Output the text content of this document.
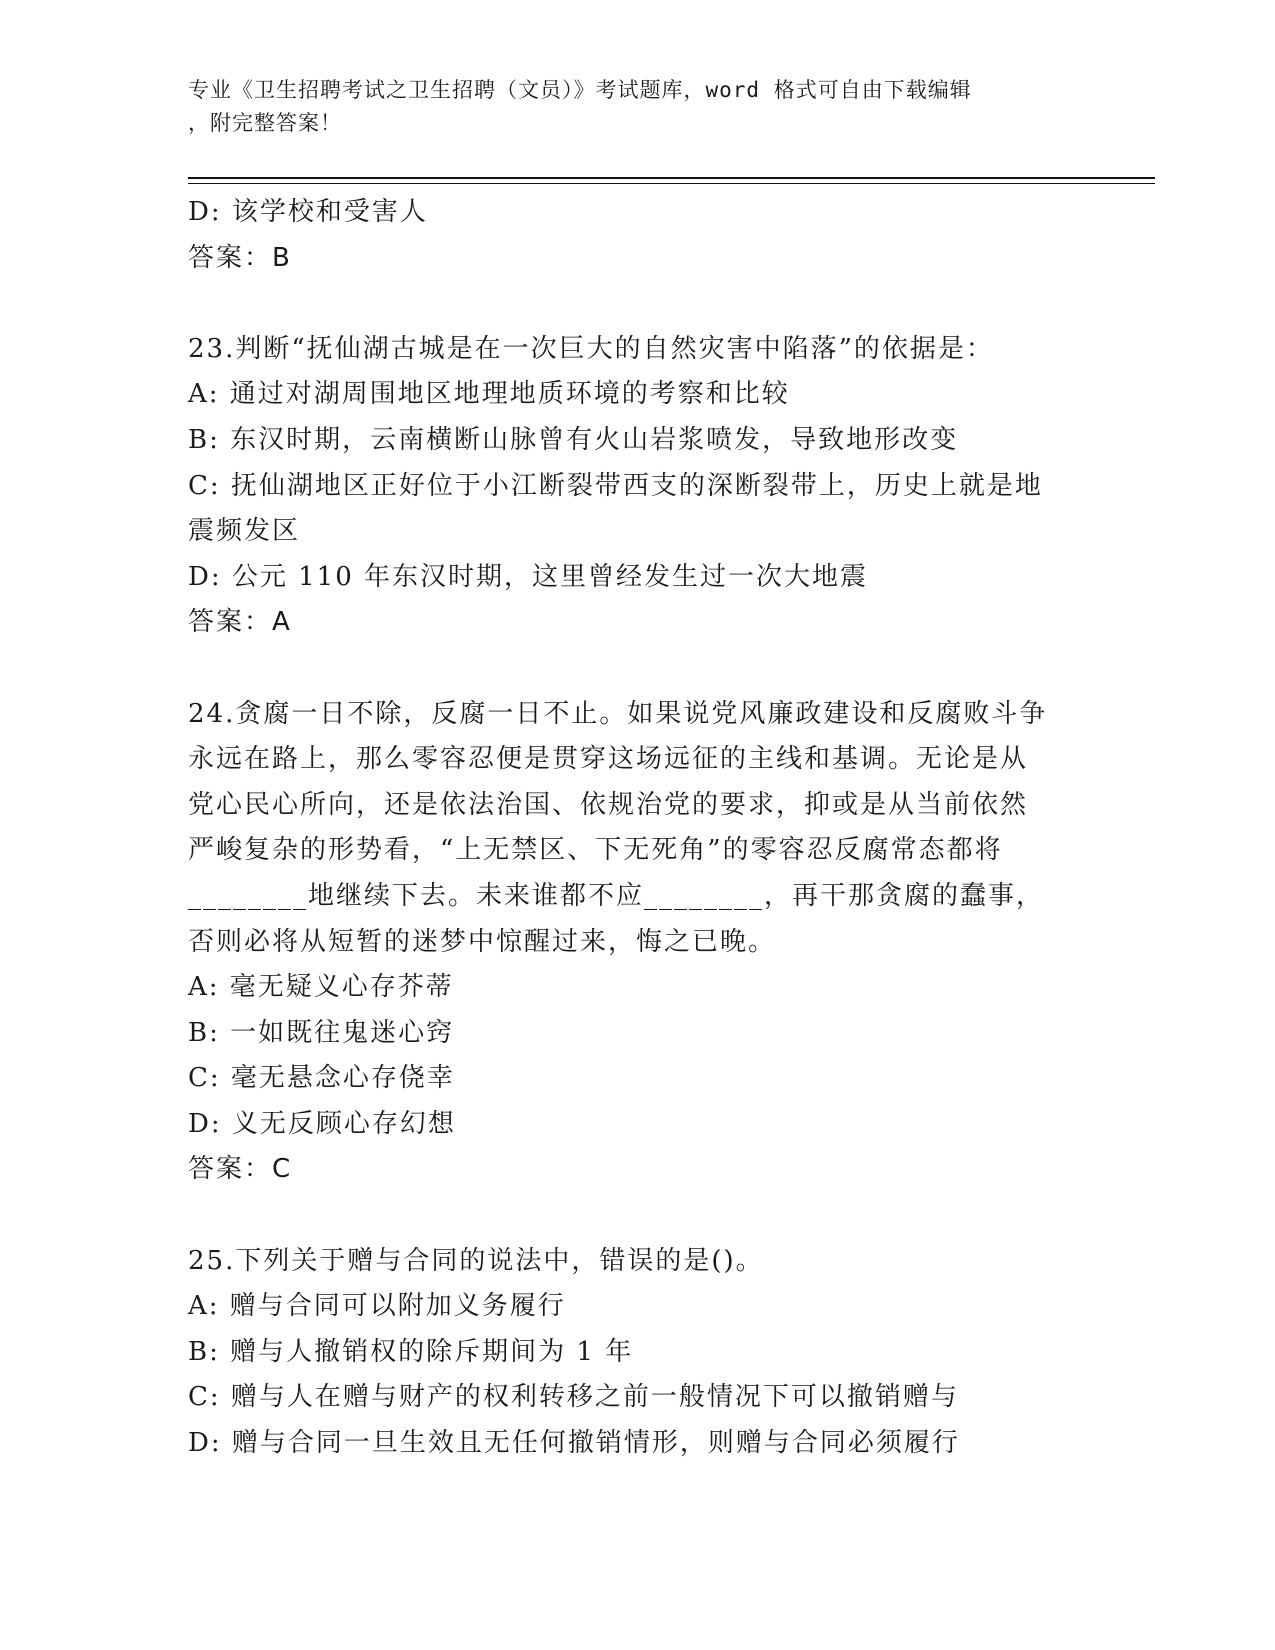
专业《卫生招聘考试之卫生招聘（文员）》考试题库，word 格式可自由下载编辑
，附完整答案！
D: 该学校和受害人
答案：B
23.判断“抚仙湖古城是在一次巨大的自然灾害中陷落”的依据是：
A: 通过对湖周围地区地理地质环境的考察和比较
B: 东汉时期，云南横断山脉曾有火山岩浆喷发，导致地形改变
C: 抚仙湖地区正好位于小江断裂带西支的深断裂带上，历史上就是地
震频发区
D: 公元 110 年东汉时期，这里曾经发生过一次大地震
答案：A
24.贪腐一日不除，反腐一日不止。如果说党风廉政建设和反腐败斗争
永远在路上，那么零容忍便是贯穿这场远征的主线和基调。无论是从
党心民心所向，还是依法治国、依规治党的要求，抑或是从当前依然
严峻复杂的形势看，“上无禁区、下无死角”的零容忍反腐常态都将
________地继续下去。未来谁都不应________，再干那贪腐的蠢事，
否则必将从短暂的迷梦中惊醒过来，悔之已晚。
A: 毫无疑义心存芥蒂
B: 一如既往鬼迷心窍
C: 毫无悬念心存侥幸
D: 义无反顾心存幻想
答案：C
25.下列关于赠与合同的说法中，错误的是()。
A: 赠与合同可以附加义务履行
B: 赠与人撤销权的除斥期间为 1 年
C: 赠与人在赠与财产的权利转移之前一般情况下可以撤销赠与
D: 赠与合同一旦生效且无任何撤销情形，则赠与合同必须履行
